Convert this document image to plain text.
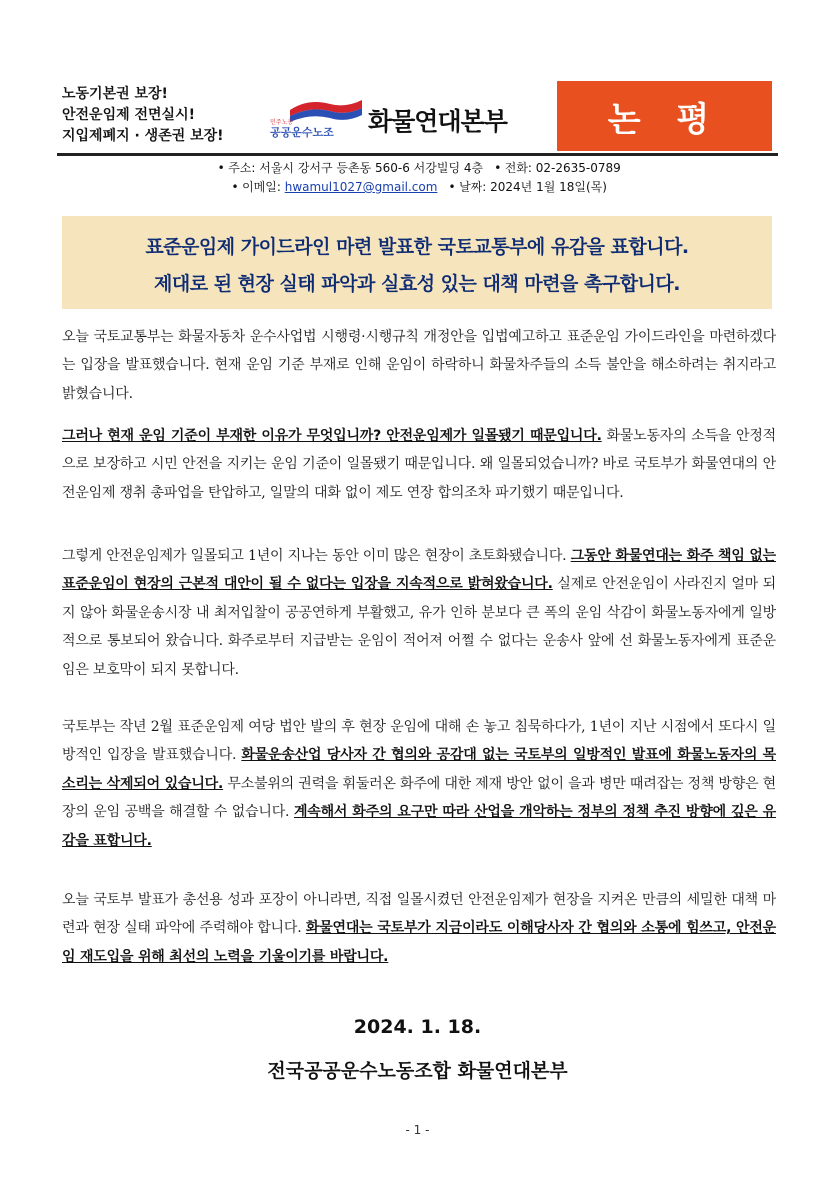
노동기본권 보장!
안전운임제 전면실시!
지입제폐지 · 생존권 보장!
민주노총
공공운수노조 화물연대본부	논 평
• 주소: 서울시 강서구 등촌동 560-6 서강빌딩 4층 • 전화: 02-2635-0789
• 이메일: hwamul1027@gmail.com • 날짜: 2024년 1월 18일(목)
표준운임제 가이드라인 마련 발표한 국토교통부에 유감을 표합니다.
제대로 된 현장 실태 파악과 실효성 있는 대책 마련을 촉구합니다.
오늘 국토교통부는 화물자동차 운수사업법 시행령·시행규칙 개정안을 입법예고하고 표준운임 가이드라인을 마련하겠다는 입장을 발표했습니다. 현재 운임 기준 부재로 인해 운임이 하락하니 화물차주들의 소득 불안을 해소하려는 취지라고 밝혔습니다.
그러나 현재 운임 기준이 부재한 이유가 무엇입니까? 안전운임제가 일몰됐기 때문입니다. 화물노동자의 소득을 안정적으로 보장하고 시민 안전을 지키는 운임 기준이 일몰됐기 때문입니다. 왜 일몰되었습니까? 바로 국토부가 화물연대의 안전운임제 쟁취 총파업을 탄압하고, 일말의 대화 없이 제도 연장 합의조차 파기했기 때문입니다.
그렇게 안전운임제가 일몰되고 1년이 지나는 동안 이미 많은 현장이 초토화됐습니다. 그동안 화물연대는 화주 책임 없는 표준운임이 현장의 근본적 대안이 될 수 없다는 입장을 지속적으로 밝혀왔습니다. 실제로 안전운임이 사라진지 얼마 되지 않아 화물운송시장 내 최저입찰이 공공연하게 부활했고, 유가 인하 분보다 큰 폭의 운임 삭감이 화물노동자에게 일방적으로 통보되어 왔습니다. 화주로부터 지급받는 운임이 적어져 어쩔 수 없다는 운송사 앞에 선 화물노동자에게 표준운임은 보호막이 되지 못합니다.
국토부는 작년 2월 표준운임제 여당 법안 발의 후 현장 운임에 대해 손 놓고 침묵하다가, 1년이 지난 시점에서 또다시 일방적인 입장을 발표했습니다. 화물운송산업 당사자 간 협의와 공감대 없는 국토부의 일방적인 발표에 화물노동자의 목소리는 삭제되어 있습니다. 무소불위의 권력을 휘둘러온 화주에 대한 제재 방안 없이 을과 병만 때려잡는 정책 방향은 현장의 운임 공백을 해결할 수 없습니다. 계속해서 화주의 요구만 따라 산업을 개악하는 정부의 정책 추진 방향에 깊은 유감을 표합니다.
오늘 국토부 발표가 총선용 성과 포장이 아니라면, 직접 일몰시켰던 안전운임제가 현장을 지켜온 만큼의 세밀한 대책 마련과 현장 실태 파악에 주력해야 합니다. 화물연대는 국토부가 지금이라도 이해당사자 간 협의와 소통에 힘쓰고, 안전운임 재도입을 위해 최선의 노력을 기울이기를 바랍니다.
2024. 1. 18.
전국공공운수노동조합 화물연대본부
- 1 -
